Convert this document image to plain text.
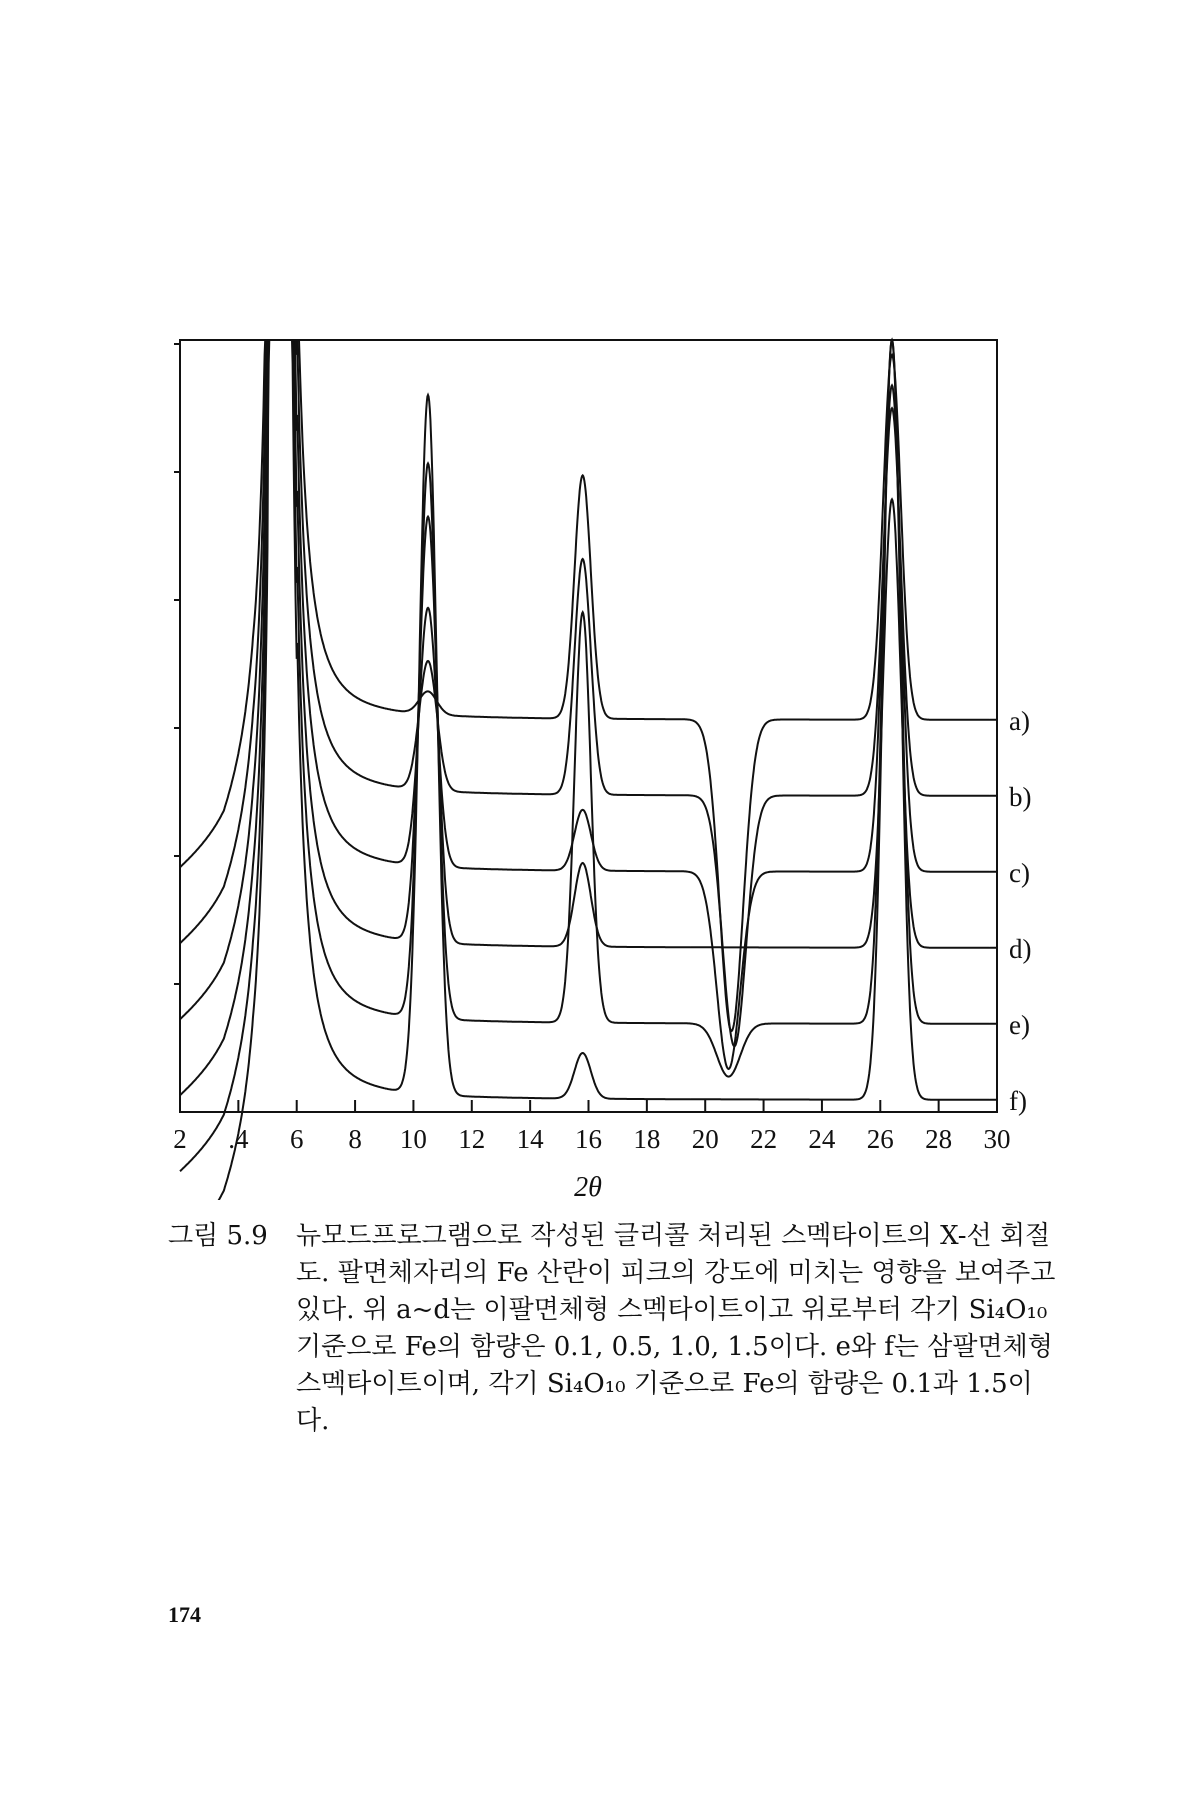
2 .4 6 8 10 12 14 16 18 20 22 24 26 28 30
a)
b)
c)
d)
e)
f)
2θ
그림 5.9	뉴모드프로그램으로 작성된 글리콜 처리된 스멕타이트의 X-선 회절도. 팔면체자리의 Fe 산란이 피크의 강도에 미치는 영향을 보여주고 있다. 위 a~d는 이팔면체형 스멕타이트이고 위로부터 각기 Si₄O₁₀ 기준으로 Fe의 함량은 0.1, 0.5, 1.0, 1.5이다. e와 f는 삼팔면체형 스멕타이트이며, 각기 Si₄O₁₀ 기준으로 Fe의 함량은 0.1과 1.5이다.
174
